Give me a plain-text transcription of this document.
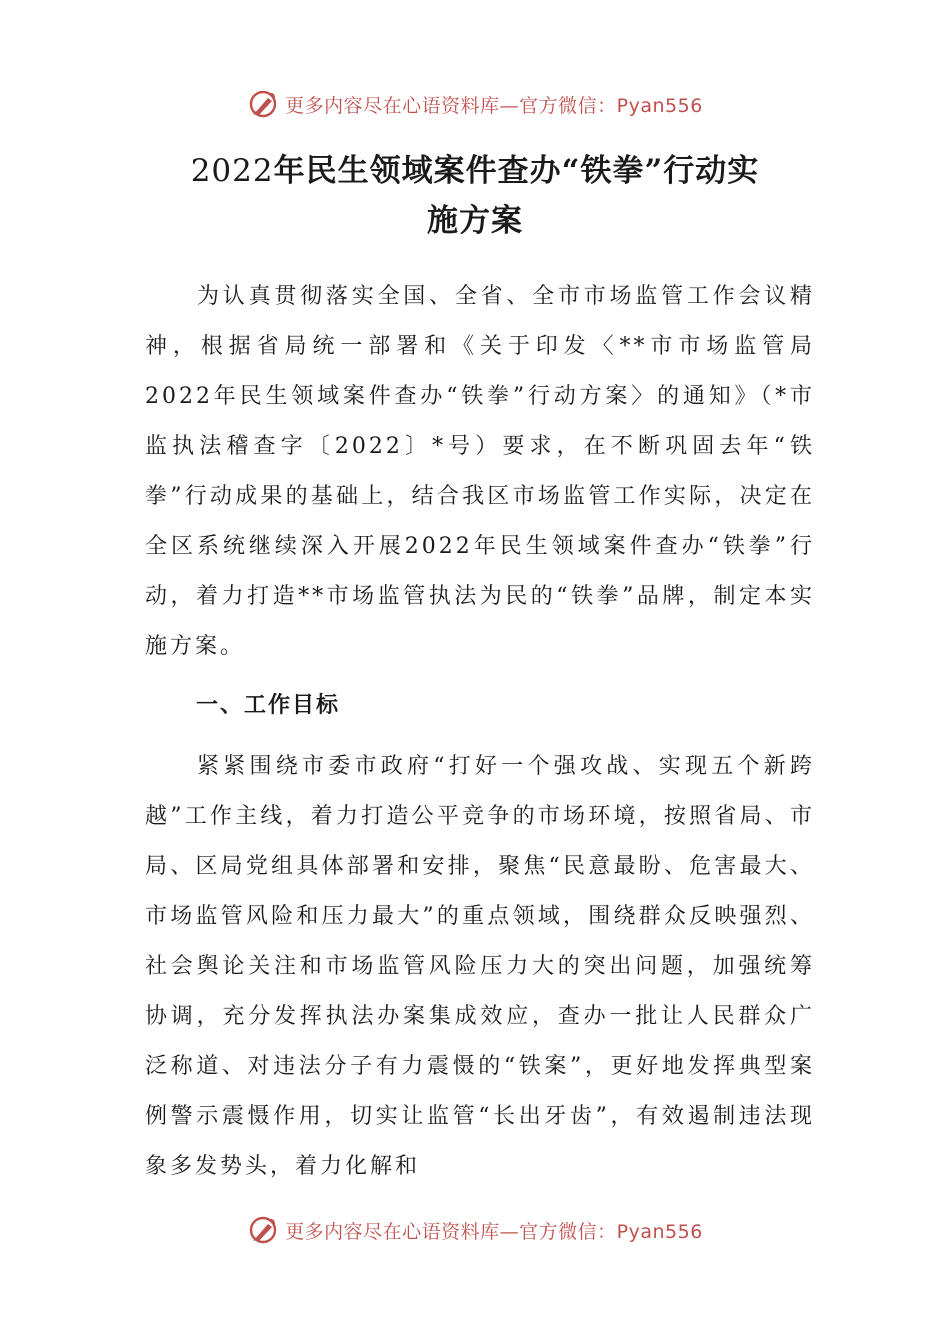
更多内容尽在心语资料库—官方微信：Pyan556
2022年民生领域案件查办“铁拳”行动实
施方案
为认真贯彻落实全国、全省、全市市场监管工作会议精神，根据省局统一部署和《关于印发〈**市市场监管局2022年民生领域案件查办“铁拳”行动方案〉的通知》（*市监执法稽查字〔2022〕*号）要求，在不断巩固去年“铁拳”行动成果的基础上，结合我区市场监管工作实际，决定在全区系统继续深入开展2022年民生领域案件查办“铁拳”行动，着力打造**市场监管执法为民的“铁拳”品牌，制定本实施方案。
一、工作目标
紧紧围绕市委市政府“打好一个强攻战、实现五个新跨越”工作主线，着力打造公平竞争的市场环境，按照省局、市局、区局党组具体部署和安排，聚焦“民意最盼、危害最大、市场监管风险和压力最大”的重点领域，围绕群众反映强烈、社会舆论关注和市场监管风险压力大的突出问题，加强统筹协调，充分发挥执法办案集成效应，查办一批让人民群众广泛称道、对违法分子有力震慑的“铁案”，更好地发挥典型案例警示震慑作用，切实让监管“长出牙齿”，有效遏制违法现象多发势头，着力化解和
更多内容尽在心语资料库—官方微信：Pyan556
